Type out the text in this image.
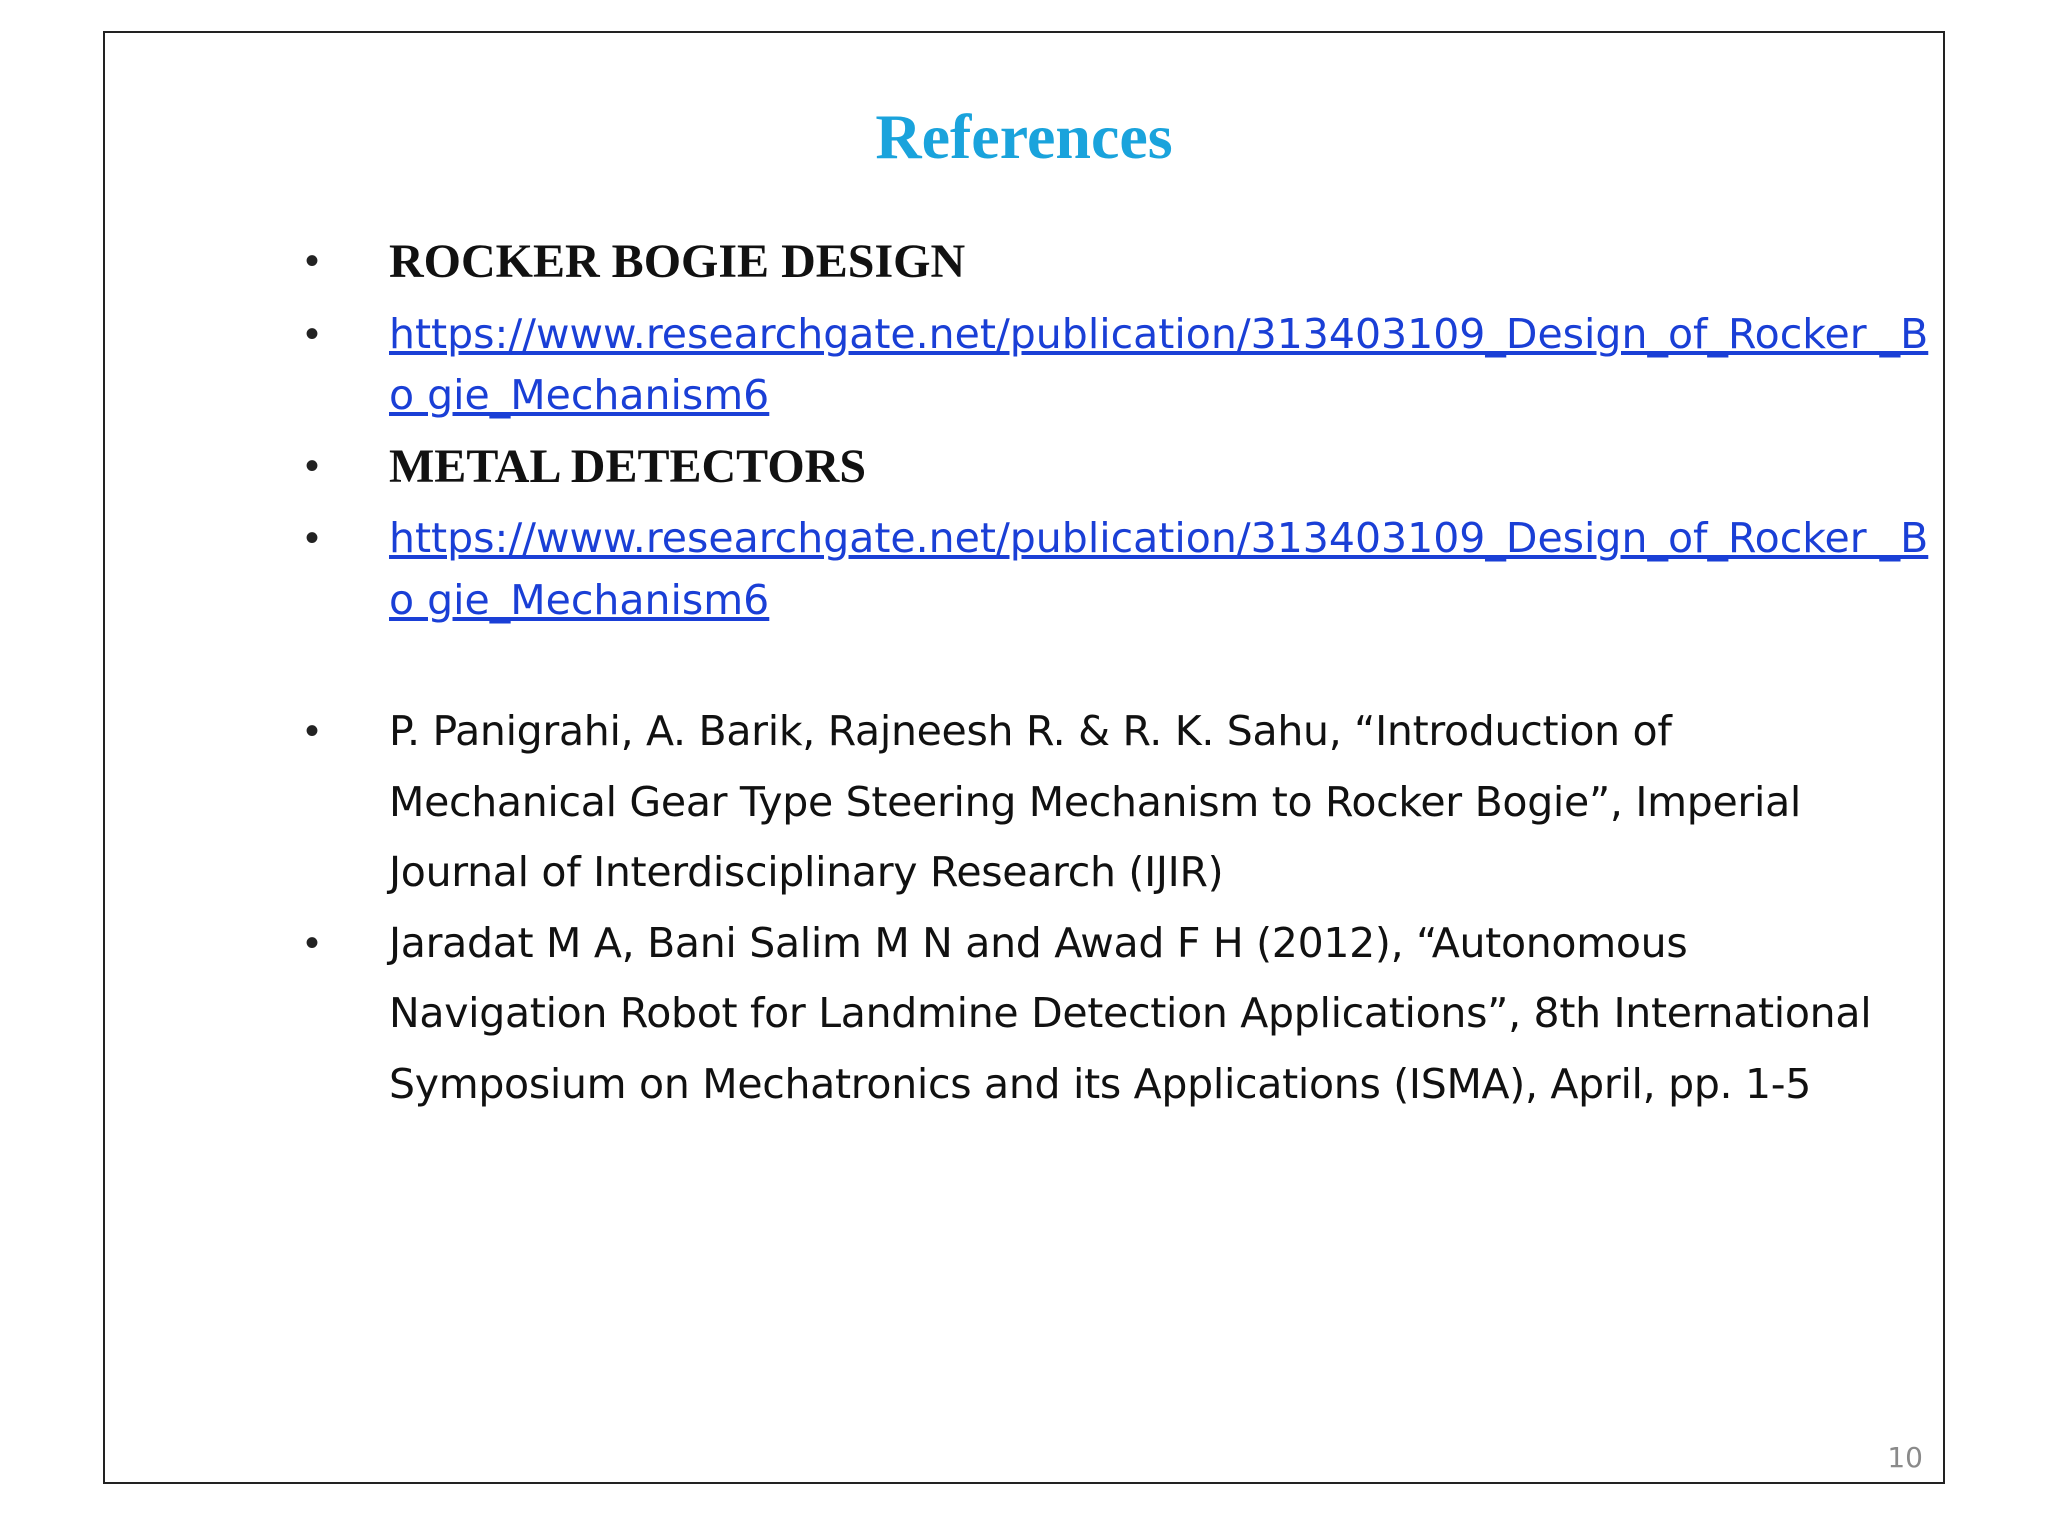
References
•	ROCKER BOGIE DESIGN
•	https://www.researchgate.net/publication/313403109_Design_of_Rocker _Bo gie_Mechanism6
•	METAL DETECTORS
•	https://www.researchgate.net/publication/313403109_Design_of_Rocker _Bo gie_Mechanism6
•	P. Panigrahi, A. Barik, Rajneesh R. & R. K. Sahu, “Introduction of Mechanical Gear Type Steering Mechanism to Rocker Bogie”, Imperial Journal of Interdisciplinary Research (IJIR)
•	Jaradat M A, Bani Salim M N and Awad F H (2012), “Autonomous Navigation Robot for Landmine Detection Applications”, 8th International Symposium on Mechatronics and its Applications (ISMA), April, pp. 1-5
10
